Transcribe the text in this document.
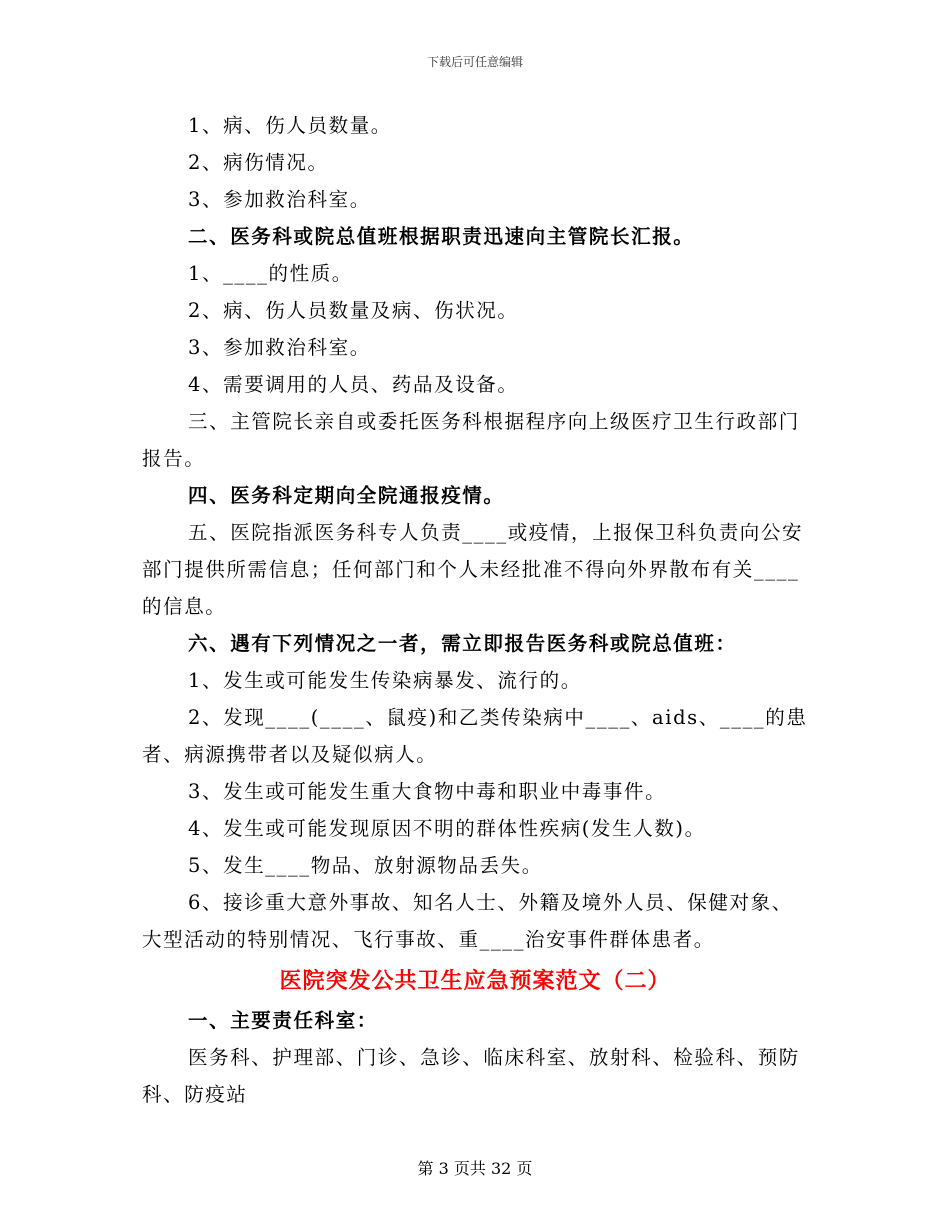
下载后可任意编辑

1、病、伤人员数量。

2、病伤情况。

3、参加救治科室。

二、医务科或院总值班根据职责迅速向主管院长汇报。

1、____的性质。

2、病、伤人员数量及病、伤状况。

3、参加救治科室。

4、需要调用的人员、药品及设备。

三、主管院长亲自或委托医务科根据程序向上级医疗卫生行政部门报告。

四、医务科定期向全院通报疫情。

五、医院指派医务科专人负责____或疫情，上报保卫科负责向公安部门提供所需信息；任何部门和个人未经批准不得向外界散布有关____的信息。

六、遇有下列情况之一者，需立即报告医务科或院总值班：

1、发生或可能发生传染病暴发、流行的。

2、发现____(____、鼠疫)和乙类传染病中____、aids、____的患者、病源携带者以及疑似病人。

3、发生或可能发生重大食物中毒和职业中毒事件。

4、发生或可能发现原因不明的群体性疾病(发生人数)。

5、发生____物品、放射源物品丢失。

6、接诊重大意外事故、知名人士、外籍及境外人员、保健对象、大型活动的特别情况、飞行事故、重____治安事件群体患者。

医院突发公共卫生应急预案范文（二）

一、主要责任科室：

医务科、护理部、门诊、急诊、临床科室、放射科、检验科、预防科、防疫站

第 3 页共 32 页
